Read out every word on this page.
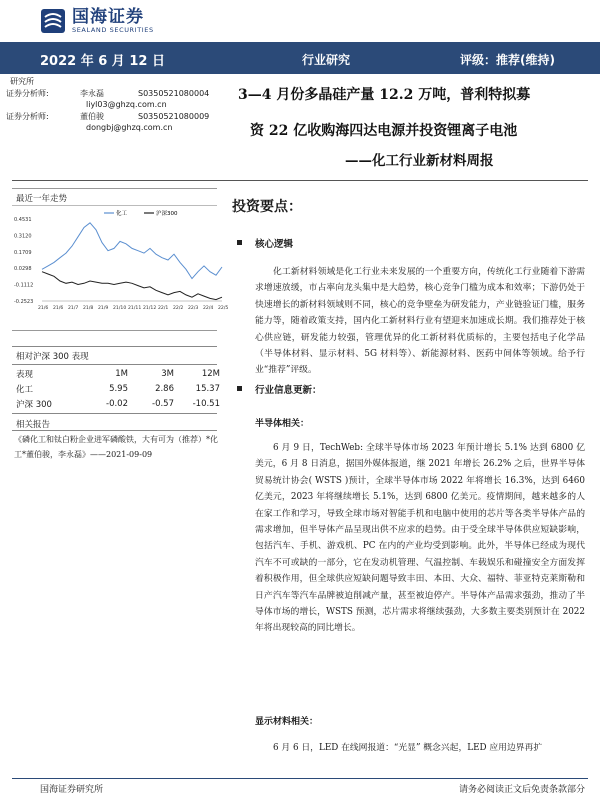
国海证券
SEALAND SECURITIES
2022 年 6 月 12 日	行业研究	评级：推荐(维持)
研究所
证券分析师:	李永磊	S0350521080004
liyl03@ghzq.com.cn
证券分析师:	董伯骏	S0350521080009
dongbj@ghzq.com.cn
3—4 月份多晶硅产量 12.2 万吨，普利特拟募
资 22 亿收购海四达电源并投资锂离子电池
——化工行业新材料周报
最近一年走势
0.4531
0.3120
0.1709
0.0298
-0.1112
-0.2523
21/6 21/6 21/7 21/8 21/9 21/10 21/11 21/12 22/1 22/2 22/3 22/4 22/5
化工	沪深300
相对沪深 300 表现
表现	1M	3M	12M
化工	5.95	2.86	15.37
沪深 300	-0.02	-0.57	-10.51
相关报告
《磷化工和钛白粉企业进军磷酸铁，大有可为（推荐）*化工*董伯骏，李永磊》——2021-09-09
投资要点：
核心逻辑
化工新材料领域是化工行业未来发展的一个重要方向，传统化工行业随着下游需求增速放缓，市占率向龙头集中是大趋势，核心竞争门槛为成本和效率；下游仍处于快速增长的新材料领域则不同，核心的竞争壁垒为研发能力，产业链验证门槛，服务能力等，随着政策支持，国内化工新材料行业有望迎来加速成长期。我们推荐处于核心供应链，研发能力较强，管理优异的化工新材料优质标的，主要包括电子化学品（半导体材料、显示材料、5G 材料等）、新能源材料、医药中间体等领域。给予行业“推荐”评级。
行业信息更新：
半导体相关：
6 月 9 日，TechWeb: 全球半导体市场 2023 年预计增长 5.1% 达到 6800 亿美元，6 月 8 日消息，据国外媒体报道，继 2021 年增长 26.2% 之后，世界半导体贸易统计协会( WSTS )预计，全球半导体市场 2022 年将增长 16.3%，达到 6460 亿美元，2023 年将继续增长 5.1%，达到 6800 亿美元。疫情期间，越来越多的人在家工作和学习，导致全球市场对智能手机和电脑中使用的芯片等各类半导体产品的需求增加，但半导体产品呈现出供不应求的趋势。由于受全球半导体供应短缺影响，包括汽车、手机、游戏机、PC 在内的产业均受到影响。此外，半导体已经成为现代汽车不可或缺的一部分，它在发动机管理、气温控制、车载娱乐和碰撞安全方面发挥着积极作用，但全球供应短缺问题导致丰田、本田、大众、福特、菲亚特克莱斯勒和日产汽车等汽车品牌被迫削减产量，甚至被迫停产。半导体产品需求强劲，推动了半导体市场的增长，WSTS 预测，芯片需求将继续强劲，大多数主要类别预计在 2022 年将出现较高的同比增长。
显示材料相关：
6 月 6 日，LED 在线网报道：“光显” 概念兴起，LED 应用边界再扩
国海证券研究所	请务必阅读正文后免责条款部分
